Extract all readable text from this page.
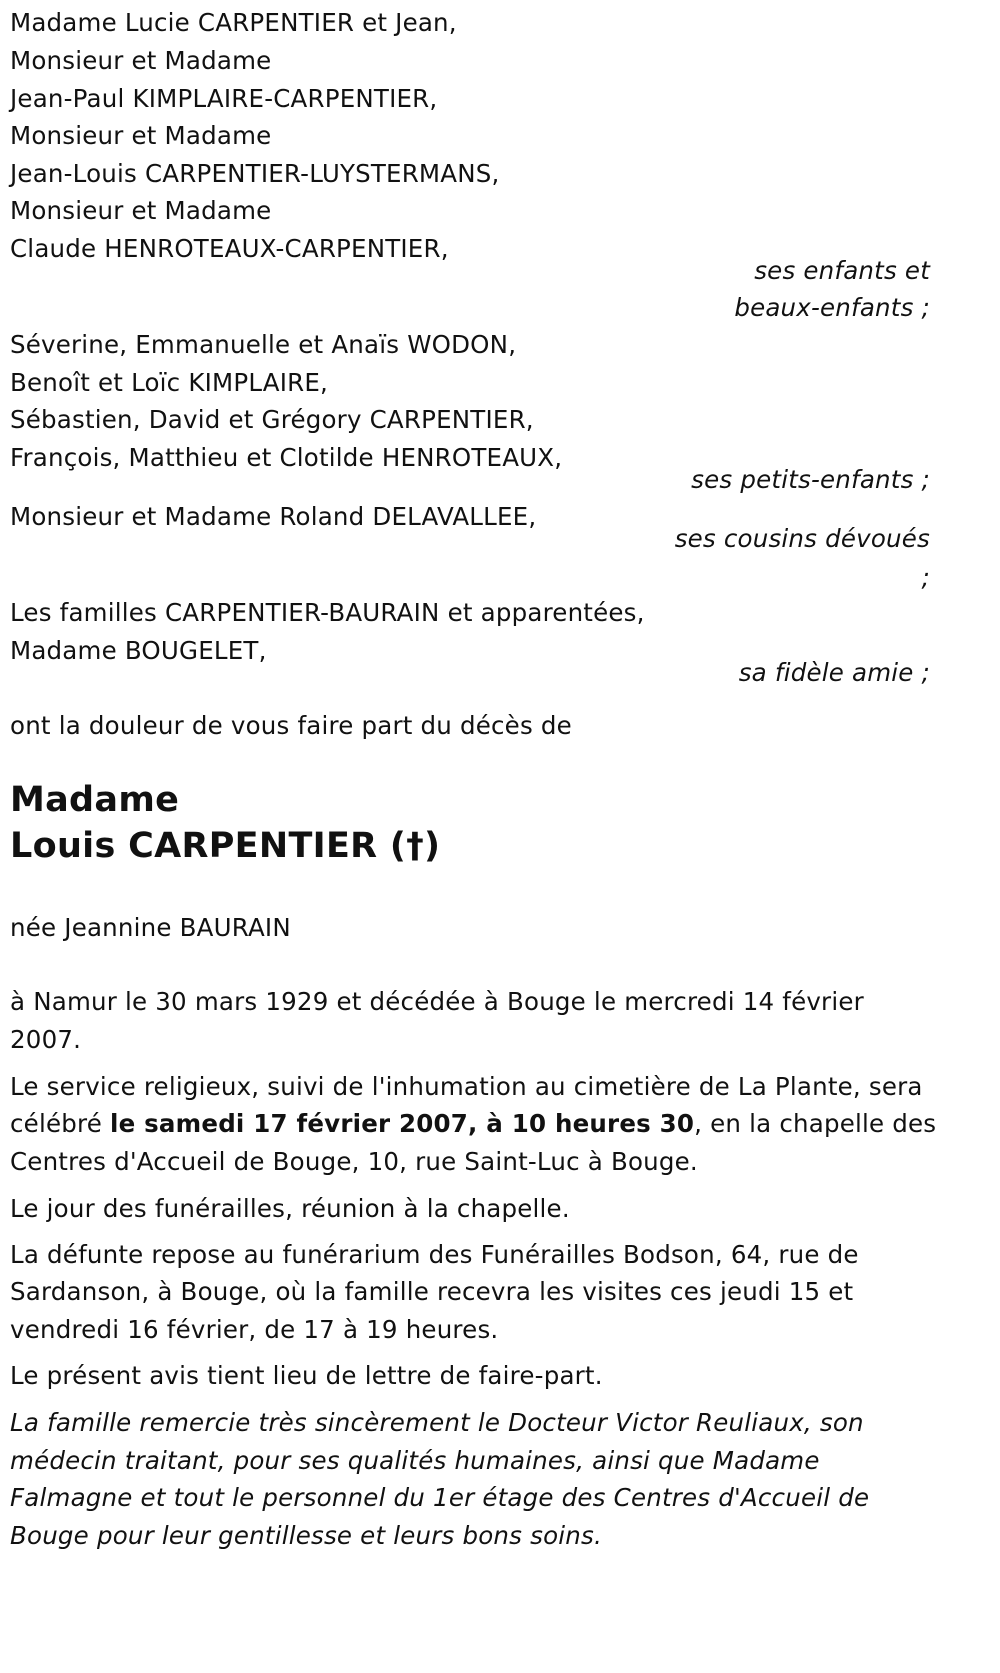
Madame Lucie CARPENTIER et Jean,
Monsieur et Madame
Jean-Paul KIMPLAIRE-CARPENTIER,
Monsieur et Madame
Jean-Louis CARPENTIER-LUYSTERMANS,
Monsieur et Madame
Claude HENROTEAUX-CARPENTIER,
ses enfants et
beaux-enfants ;
Séverine, Emmanuelle et Anaïs WODON,
Benoît et Loïc KIMPLAIRE,
Sébastien, David et Grégory CARPENTIER,
François, Matthieu et Clotilde HENROTEAUX,
ses petits-enfants ;
Monsieur et Madame Roland DELAVALLEE,
ses cousins dévoués
;
Les familles CARPENTIER-BAURAIN et apparentées,
Madame BOUGELET,
sa fidèle amie ;
ont la douleur de vous faire part du décès de
Madame
Louis CARPENTIER (†)
née Jeannine BAURAIN
à Namur le 30 mars 1929 et décédée à Bouge le mercredi 14 février
2007.
Le service religieux, suivi de l'inhumation au cimetière de La Plante, sera
célébré le samedi 17 février 2007, à 10 heures 30, en la chapelle des
Centres d'Accueil de Bouge, 10, rue Saint-Luc à Bouge.
Le jour des funérailles, réunion à la chapelle.
La défunte repose au funérarium des Funérailles Bodson, 64, rue de
Sardanson, à Bouge, où la famille recevra les visites ces jeudi 15 et
vendredi 16 février, de 17 à 19 heures.
Le présent avis tient lieu de lettre de faire-part.
La famille remercie très sincèrement le Docteur Victor Reuliaux, son
médecin traitant, pour ses qualités humaines, ainsi que Madame
Falmagne et tout le personnel du 1er étage des Centres d'Accueil de
Bouge pour leur gentillesse et leurs bons soins.
